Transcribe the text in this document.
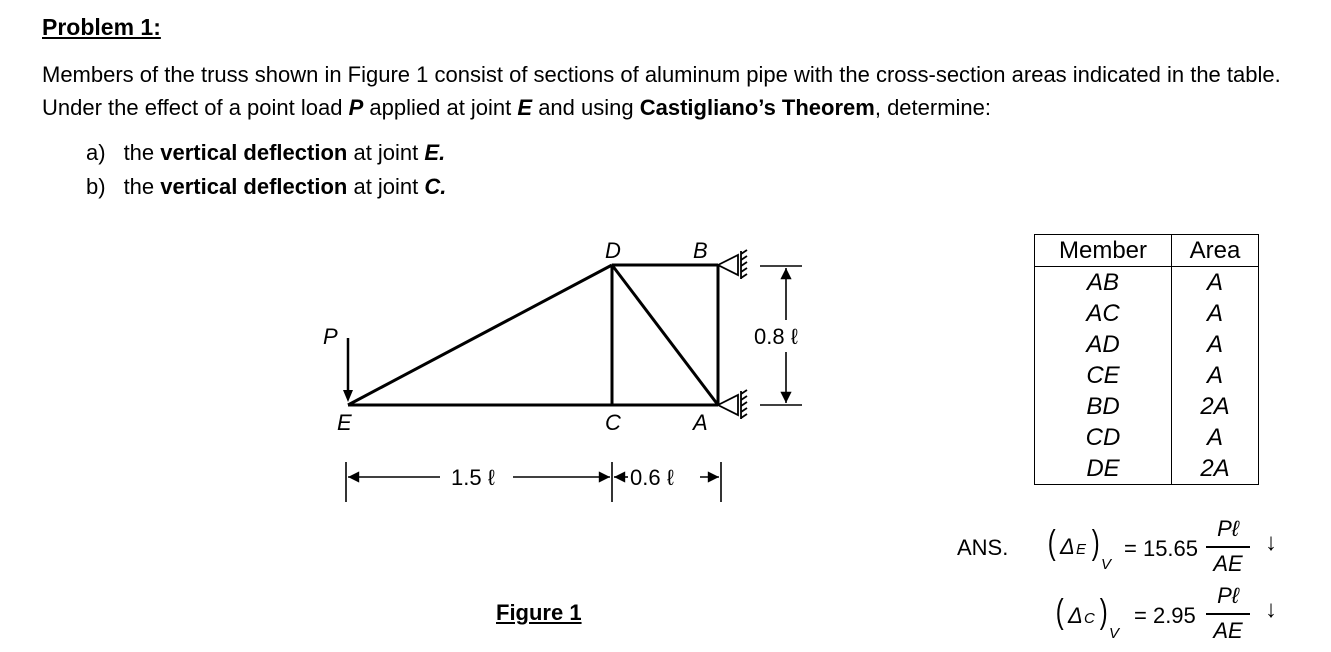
Problem 1:
Members of the truss shown in Figure 1 consist of sections of aluminum pipe with the cross-section areas indicated in the table. Under the effect of a point load P applied at joint E and using Castigliano’s Theorem, determine:
a) the vertical deflection at joint E.
b) the vertical deflection at joint C.
D	B
P
E	C	A
0.8 ℓ
1.5 ℓ	0.6 ℓ
Figure 1
Member	Area
AB	A
AC	A
AD	A
CE	A
BD	2A
CD	A
DE	2A
ANS. ( Δ E )
V
= 15.65
Pℓ
AE
↓
( Δ C )
V
= 2.95
Pℓ
AE
↓
